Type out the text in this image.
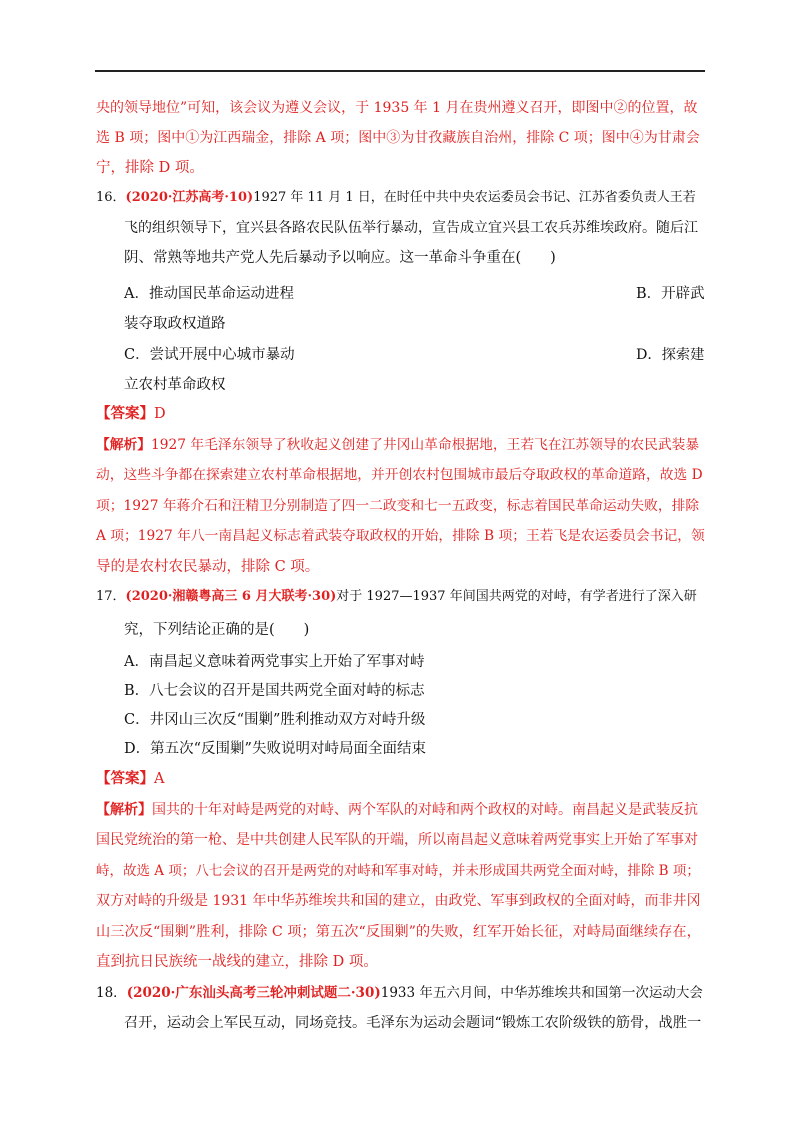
央的领导地位”可知，该会议为遵义会议，于 1935 年 1 月在贵州遵义召开，即图中②的位置，故
选 B 项；图中①为江西瑞金，排除 A 项；图中③为甘孜藏族自治州，排除 C 项；图中④为甘肃会
宁，排除 D 项。
16．(2020·江苏高考·10)1927 年 11 月 1 日，在时任中共中央农运委员会书记、江苏省委负责人王若
飞的组织领导下，宜兴县各路农民队伍举行暴动，宣告成立宜兴县工农兵苏维埃政府。随后江
阴、常熟等地共产党人先后暴动予以响应。这一革命斗争重在(　　)
A．推动国民革命运动进程	B．开辟武
装夺取政权道路
C．尝试开展中心城市暴动	D．探索建
立农村革命政权
【答案】D
【解析】1927 年毛泽东领导了秋收起义创建了井冈山革命根据地，王若飞在江苏领导的农民武装暴
动，这些斗争都在探索建立农村革命根据地，并开创农村包围城市最后夺取政权的革命道路，故选 D
项；1927 年蒋介石和汪精卫分别制造了四一二政变和七一五政变，标志着国民革命运动失败，排除
A 项；1927 年八一南昌起义标志着武装夺取政权的开始，排除 B 项；王若飞是农运委员会书记，领
导的是农村农民暴动，排除 C 项。
17．(2020·湘赣粤高三 6 月大联考·30)对于 1927—1937 年间国共两党的对峙，有学者进行了深入研
究，下列结论正确的是(　　)
A．南昌起义意味着两党事实上开始了军事对峙
B．八七会议的召开是国共两党全面对峙的标志
C．井冈山三次反“围剿”胜利推动双方对峙升级
D．第五次“反围剿”失败说明对峙局面全面结束
【答案】A
【解析】国共的十年对峙是两党的对峙、两个军队的对峙和两个政权的对峙。南昌起义是武装反抗
国民党统治的第一枪、是中共创建人民军队的开端，所以南昌起义意味着两党事实上开始了军事对
峙，故选 A 项；八七会议的召开是两党的对峙和军事对峙，并未形成国共两党全面对峙，排除 B 项；
双方对峙的升级是 1931 年中华苏维埃共和国的建立，由政党、军事到政权的全面对峙，而非井冈
山三次反“围剿”胜利，排除 C 项；第五次“反围剿”的失败，红军开始长征，对峙局面继续存在，
直到抗日民族统一战线的建立，排除 D 项。
18．(2020·广东汕头高考三轮冲刺试题二·30)1933 年五六月间，中华苏维埃共和国第一次运动大会
召开，运动会上军民互动，同场竞技。毛泽东为运动会题词“锻炼工农阶级铁的筋骨，战胜一
